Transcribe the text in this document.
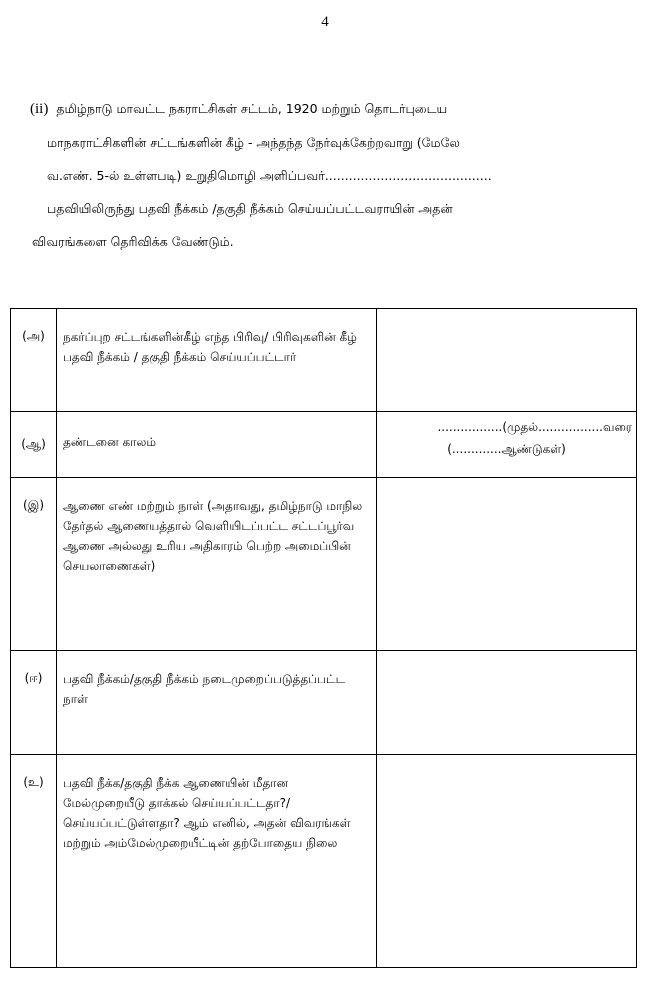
4
(ii) தமிழ்நாடு மாவட்ட நகராட்சிகள் சட்டம், 1920 மற்றும் தொடர்புடைய
மாநகராட்சிகளின் சட்டங்களின் கீழ் - அந்தந்த நேர்வுக்கேற்றவாறு (மேலே
வ.எண். 5-ல் உள்ளபடி) உறுதிமொழி அளிப்பவர்..........................................
பதவியிலிருந்து பதவி நீக்கம் /தகுதி நீக்கம் செய்யப்பட்டவராயின் அதன்
விவரங்களை தெரிவிக்க வேண்டும்.
(அ)	நகர்ப்புற சட்டங்களின்கீழ் எந்த பிரிவு/ பிரிவுகளின் கீழ் பதவி நீக்கம் / தகுதி நீக்கம் செய்யப்பட்டார்	
(ஆ)	தண்டனை காலம்	.................(முதல்.................வரை
(.............ஆண்டுகள்)

(இ)	ஆணை எண் மற்றும் நாள் (அதாவது, தமிழ்நாடு மாநில தேர்தல் ஆணையத்தால் வெளியிடப்பட்ட சட்டப்பூர்வ ஆணை அல்லது உரிய அதிகாரம் பெற்ற அமைப்பின் செயலாணைகள்)	
(ஈ)	பதவி நீக்கம்/தகுதி நீக்கம் நடைமுறைப்படுத்தப்பட்ட நாள்	
(உ)	பதவி நீக்க/தகுதி நீக்க ஆணையின் மீதான மேல்முறையீடு தாக்கல் செய்யப்பட்டதா?/செய்யப்பட்டுள்ளதா? ஆம் எனில், அதன் விவரங்கள் மற்றும் அம்மேல்முறையீட்டின் தற்போதைய நிலை	
